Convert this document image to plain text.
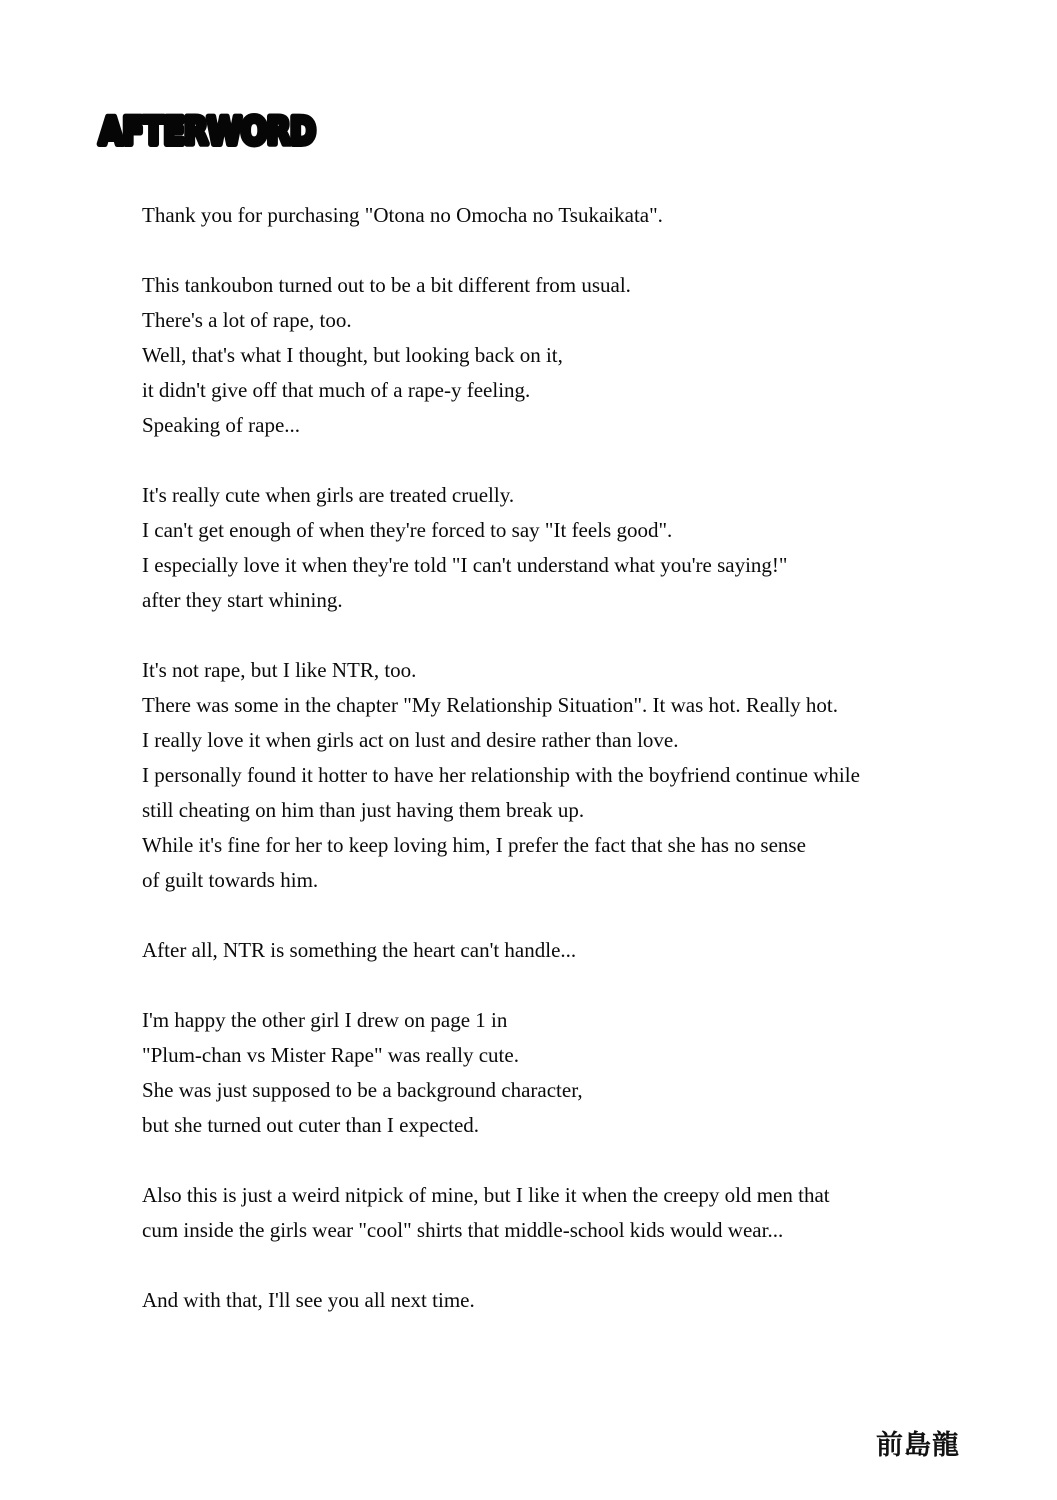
AFTERWORD
Thank you for purchasing "Otona no Omocha no Tsukaikata".
This tankoubon turned out to be a bit different from usual.
There's a lot of rape, too.
Well, that's what I thought, but looking back on it,
it didn't give off that much of a rape-y feeling.
Speaking of rape...
It's really cute when girls are treated cruelly.
I can't get enough of when they're forced to say "It feels good".
I especially love it when they're told "I can't understand what you're saying!"
after they start whining.
It's not rape, but I like NTR, too.
There was some in the chapter "My Relationship Situation". It was hot. Really hot.
I really love it when girls act on lust and desire rather than love.
I personally found it hotter to have her relationship with the boyfriend continue while
still cheating on him than just having them break up.
While it's fine for her to keep loving him, I prefer the fact that she has no sense
of guilt towards him.
After all, NTR is something the heart can't handle...
I'm happy the other girl I drew on page 1 in
"Plum-chan vs Mister Rape" was really cute.
She was just supposed to be a background character,
but she turned out cuter than I expected.
Also this is just a weird nitpick of mine, but I like it when the creepy old men that
cum inside the girls wear "cool" shirts that middle-school kids would wear...
And with that, I'll see you all next time.
前島龍
